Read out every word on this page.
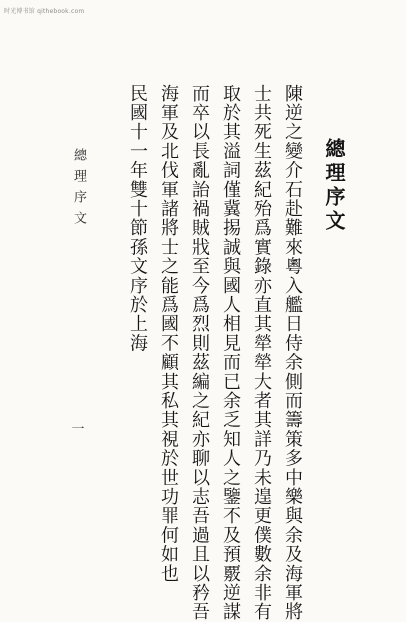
时光博书馆 qithebook.com
總理序文
陳逆之變介石赴難來粵入艦日侍余側而籌策多中樂與余及海軍將
士共死生茲紀殆爲實錄亦直其犖犖大者其詳乃未遑更僕數余非有
取於其溢詞僅冀掦誠與國人相見而已余乏知人之鑒不及預覈逆謀
而卒以長亂詒禍賊戕至今爲烈則茲編之紀亦聊以志吾過且以矜吾
海軍及北伐軍諸將士之能爲國不顧其私其視於世功罪何如也
民國十一年雙十節孫文序於上海
總理序文
一
